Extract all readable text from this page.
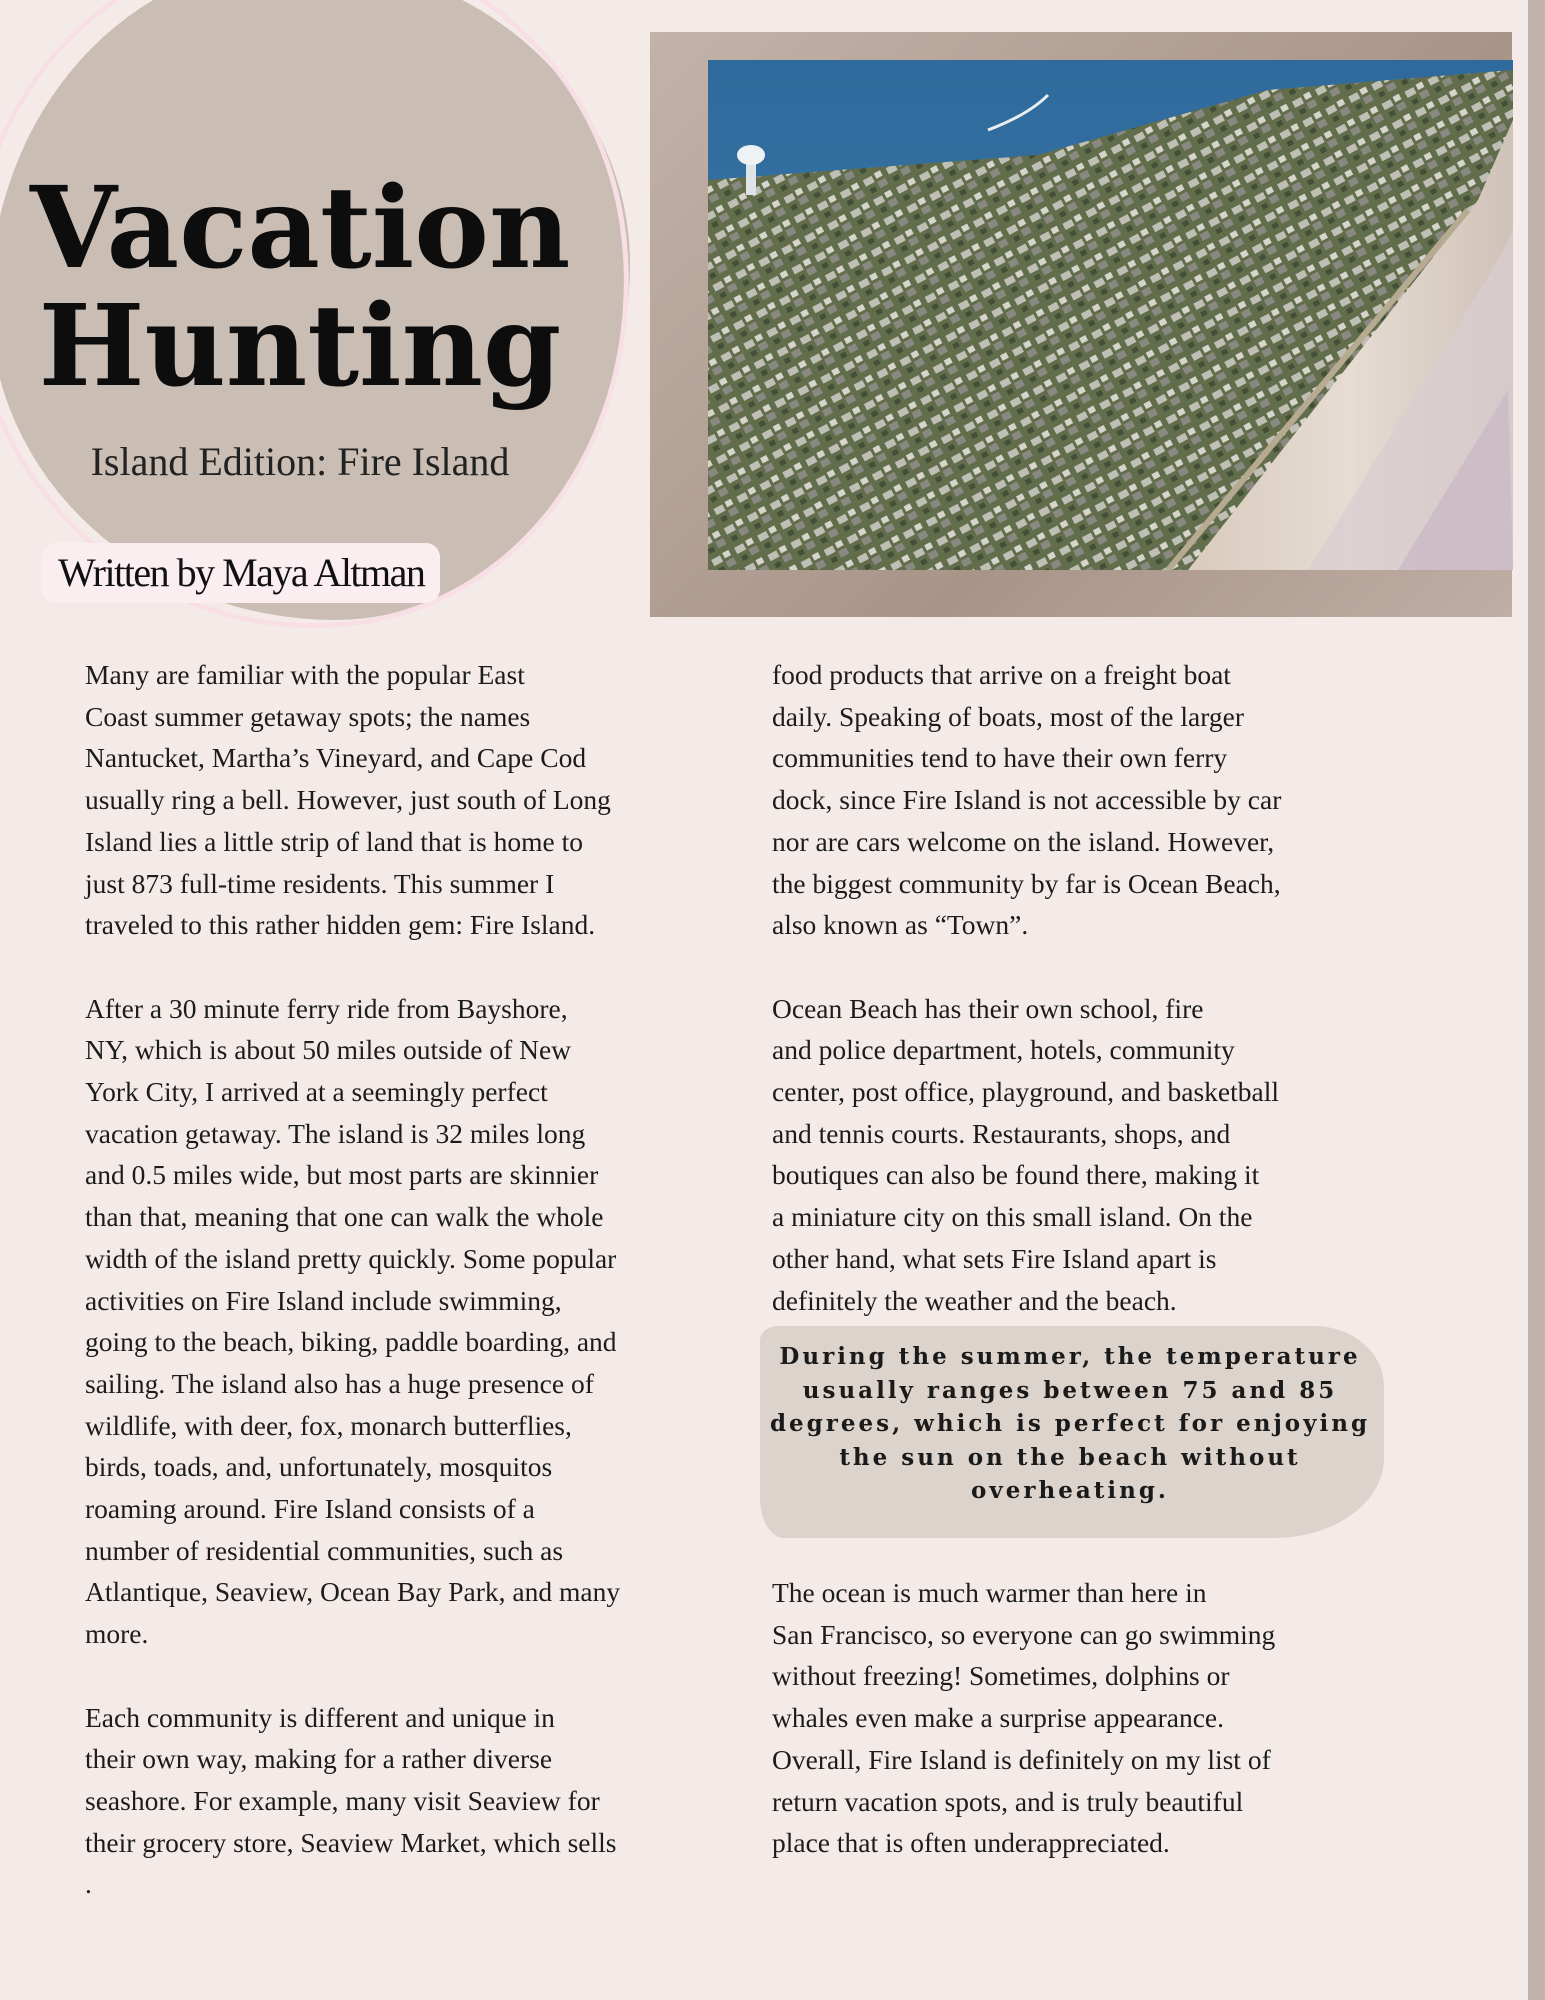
Vacation
Hunting

Island Edition: Fire Island

Written by Maya Altman

Many are familiar with the popular East
Coast summer getaway spots; the names
Nantucket, Martha’s Vineyard, and Cape Cod
usually ring a bell. However, just south of Long
Island lies a little strip of land that is home to
just 873 full-time residents. This summer I
traveled to this rather hidden gem: Fire Island.

After a 30 minute ferry ride from Bayshore,
NY, which is about 50 miles outside of New
York City, I arrived at a seemingly perfect
vacation getaway. The island is 32 miles long
and 0.5 miles wide, but most parts are skinnier
than that, meaning that one can walk the whole
width of the island pretty quickly. Some popular
activities on Fire Island include swimming,
going to the beach, biking, paddle boarding, and
sailing. The island also has a huge presence of
wildlife, with deer, fox, monarch butterflies,
birds, toads, and, unfortunately, mosquitos
roaming around. Fire Island consists of a
number of residential communities, such as
Atlantique, Seaview, Ocean Bay Park, and many
more.

Each community is different and unique in
their own way, making for a rather diverse
seashore. For example, many visit Seaview for
their grocery store, Seaview Market, which sells
.

food products that arrive on a freight boat
daily. Speaking of boats, most of the larger
communities tend to have their own ferry
dock, since Fire Island is not accessible by car
nor are cars welcome on the island. However,
the biggest community by far is Ocean Beach,
also known as “Town”.

Ocean Beach has their own school, fire
and police department, hotels, community
center, post office, playground, and basketball
and tennis courts. Restaurants, shops, and
boutiques can also be found there, making it
a miniature city on this small island. On the
other hand, what sets Fire Island apart is
definitely the weather and the beach.

During the summer, the temperature
usually ranges between 75 and 85
degrees, which is perfect for enjoying
the sun on the beach without
overheating.

The ocean is much warmer than here in
San Francisco, so everyone can go swimming
without freezing! Sometimes, dolphins or
whales even make a surprise appearance.
Overall, Fire Island is definitely on my list of
return vacation spots, and is truly beautiful
place that is often underappreciated.
